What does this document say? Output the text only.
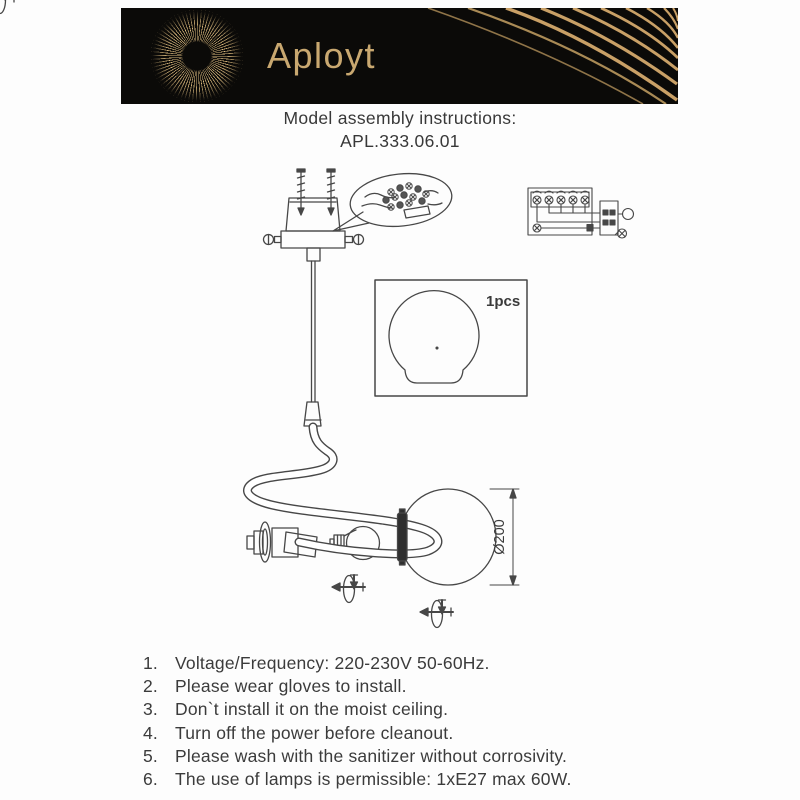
Aployt
Model assembly instructions:
APL.333.06.01
1pcs
Ø200
1. Voltage/Frequency: 220-230V 50-60Hz.
2. Please wear gloves to install.
3. Don`t install it on the moist ceiling.
4. Turn off the power before cleanout.
5. Please wash with the sanitizer without corrosivity.
6. The use of lamps is permissible: 1xE27 max 60W.
